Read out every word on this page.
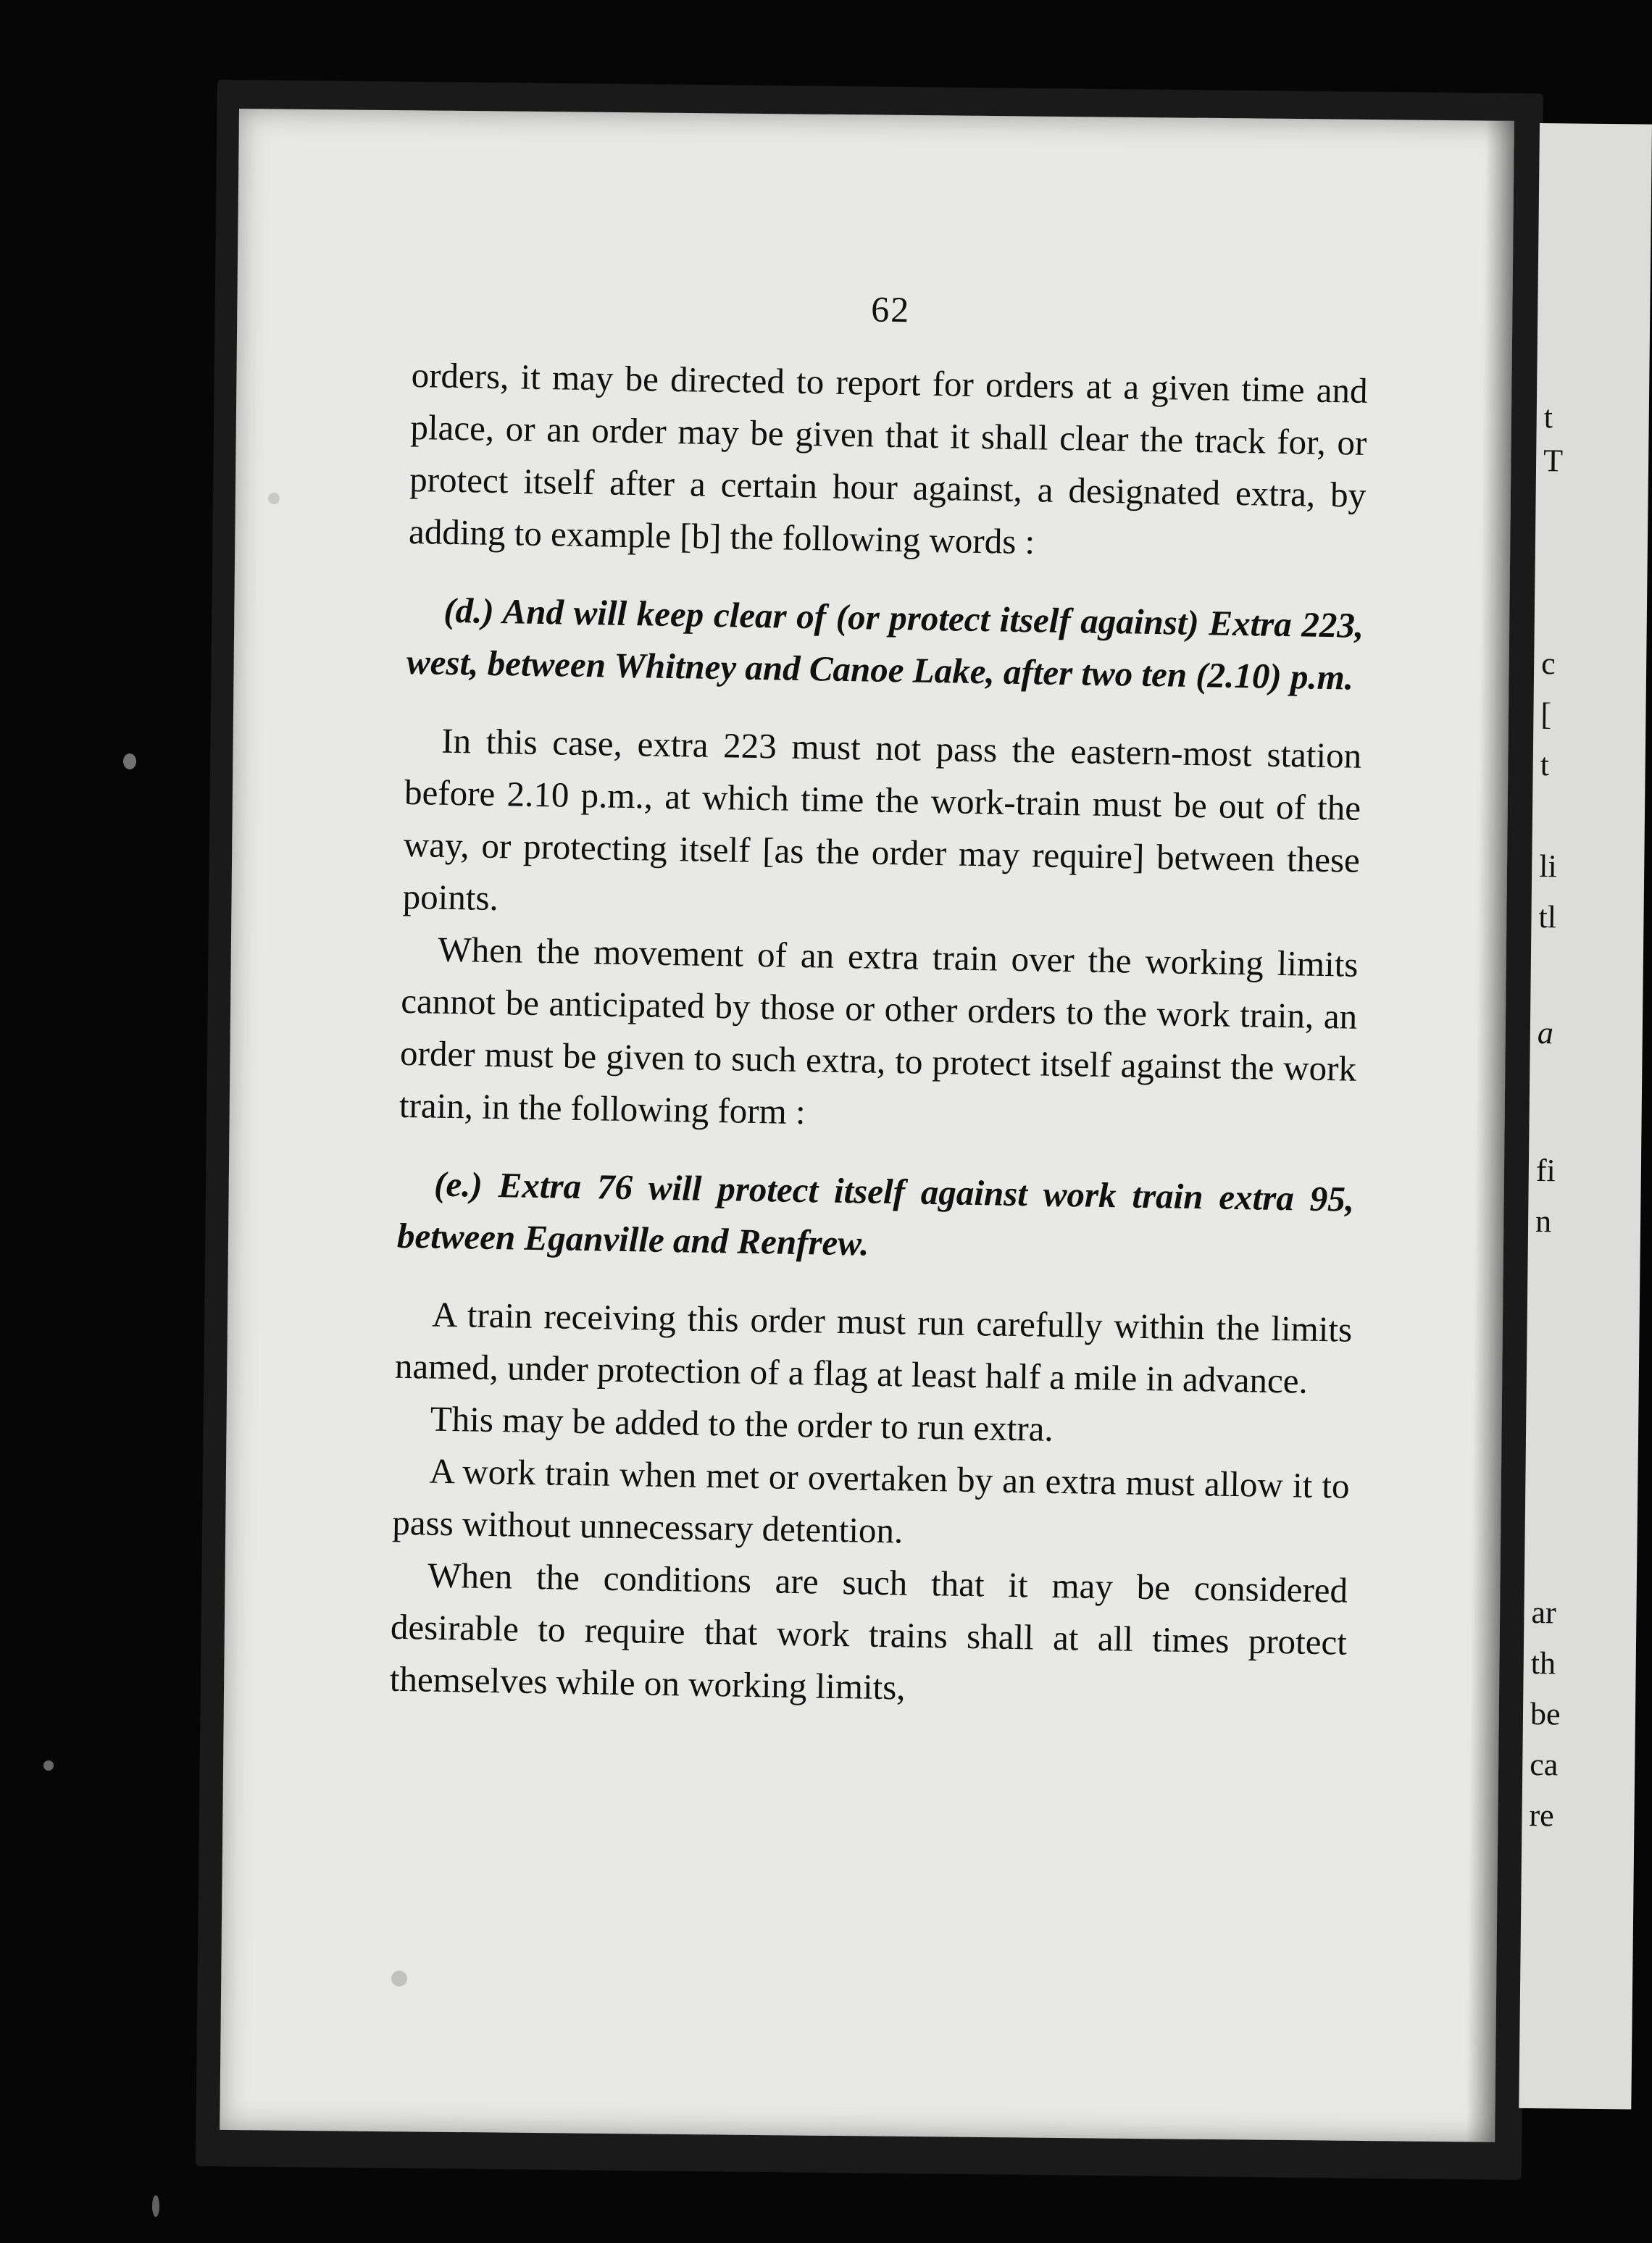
t
T
c
[
t
li
tl
a
fi
n
ar
th
be
ca
re
62

orders, it may be directed to report for orders at a given time and place, or an order may be given that it shall clear the track for, or protect itself after a certain hour against, a designated extra, by adding to example [b] the following words :

(d.) And will keep clear of (or protect itself against) Extra 223, west, between Whitney and Canoe Lake, after two ten (2.10) p.m.

In this case, extra 223 must not pass the eastern-most station before 2.10 p.m., at which time the work-train must be out of the way, or protecting itself [as the order may require] between these points.

When the movement of an extra train over the working limits cannot be anticipated by those or other orders to the work train, an order must be given to such extra, to protect itself against the work train, in the following form :

(e.) Extra 76 will protect itself against work train extra 95, between Eganville and Renfrew.

A train receiving this order must run carefully within the limits named, under protection of a flag at least half a mile in advance.

This may be added to the order to run extra.

A work train when met or overtaken by an extra must allow it to pass without unnecessary detention.

When the conditions are such that it may be considered desirable to require that work trains shall at all times protect themselves while on working limits,
